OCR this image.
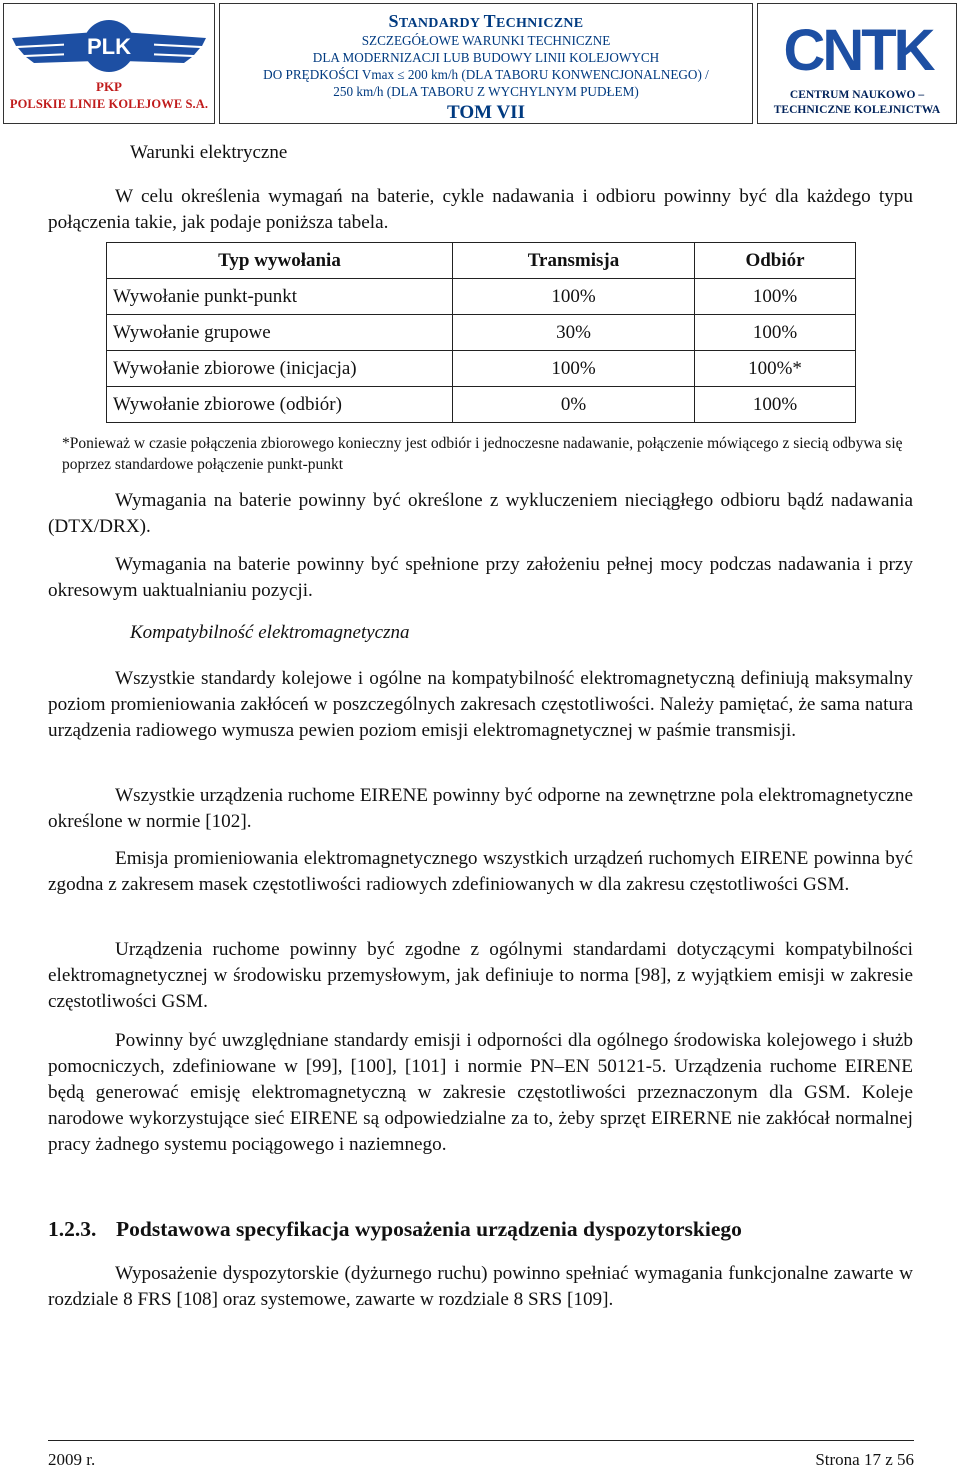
PLK
PKP
POLSKIE LINIE KOLEJOWE S.A.
STANDARDY TECHNICZNE
SZCZEGÓŁOWE WARUNKI TECHNICZNE
DLA MODERNIZACJI LUB BUDOWY LINII KOLEJOWYCH
DO PRĘDKOŚCI Vmax ≤ 200 km/h (DLA TABORU KONWENCJONALNEGO) /
250 km/h (DLA TABORU Z WYCHYLNYM PUDŁEM)
TOM VII
CNTK
CENTRUM NAUKOWO –
TECHNICZNE KOLEJNICTWA
Warunki elektryczne
W celu określenia wymagań na baterie, cykle nadawania i odbioru powinny być dla każdego typu połączenia takie, jak podaje poniższa tabela.
Typ wywołania	Transmisja	Odbiór
Wywołanie punkt-punkt	100%	100%
Wywołanie grupowe	30%	100%
Wywołanie zbiorowe (inicjacja)	100%	100%*
Wywołanie zbiorowe (odbiór)	0%	100%
*Ponieważ w czasie połączenia zbiorowego konieczny jest odbiór i jednoczesne nadawanie, połączenie mówiącego z siecią odbywa się poprzez standardowe połączenie punkt-punkt
Wymagania na baterie powinny być określone z wykluczeniem nieciągłego odbioru bądź nadawania (DTX/DRX).
Wymagania na baterie powinny być spełnione przy założeniu pełnej mocy podczas nadawania i przy okresowym uaktualnianiu pozycji.
Kompatybilność elektromagnetyczna
Wszystkie standardy kolejowe i ogólne na kompatybilność elektromagnetyczną definiują maksymalny poziom promieniowania zakłóceń w poszczególnych zakresach częstotliwości. Należy pamiętać, że sama natura urządzenia radiowego wymusza pewien poziom emisji elektromagnetycznej w paśmie transmisji.
Wszystkie urządzenia ruchome EIRENE powinny być odporne na zewnętrzne pola elektromagnetyczne określone w normie [102].
Emisja promieniowania elektromagnetycznego wszystkich urządzeń ruchomych EIRENE powinna być zgodna z zakresem masek częstotliwości radiowych zdefiniowanych w dla zakresu częstotliwości GSM.
Urządzenia ruchome powinny być zgodne z ogólnymi standardami dotyczącymi kompatybilności elektromagnetycznej w środowisku przemysłowym, jak definiuje to norma [98], z wyjątkiem emisji w zakresie częstotliwości GSM.
Powinny być uwzględniane standardy emisji i odporności dla ogólnego środowiska kolejowego i służb pomocniczych, zdefiniowane w [99], [100], [101] i normie PN‒EN 50121-5. Urządzenia ruchome EIRENE będą generować emisję elektromagnetyczną w zakresie częstotliwości przeznaczonym dla GSM. Koleje narodowe wykorzystujące sieć EIRENE są odpowiedzialne za to, żeby sprzęt EIRERNE nie zakłócał normalnej pracy żadnego systemu pociągowego i naziemnego.
1.2.3. Podstawowa specyfikacja wyposażenia urządzenia dyspozytorskiego
Wyposażenie dyspozytorskie (dyżurnego ruchu) powinno spełniać wymagania funkcjonalne zawarte w rozdziale 8 FRS [108] oraz systemowe, zawarte w rozdziale 8 SRS [109].
2009 r.	Strona 17 z 56
